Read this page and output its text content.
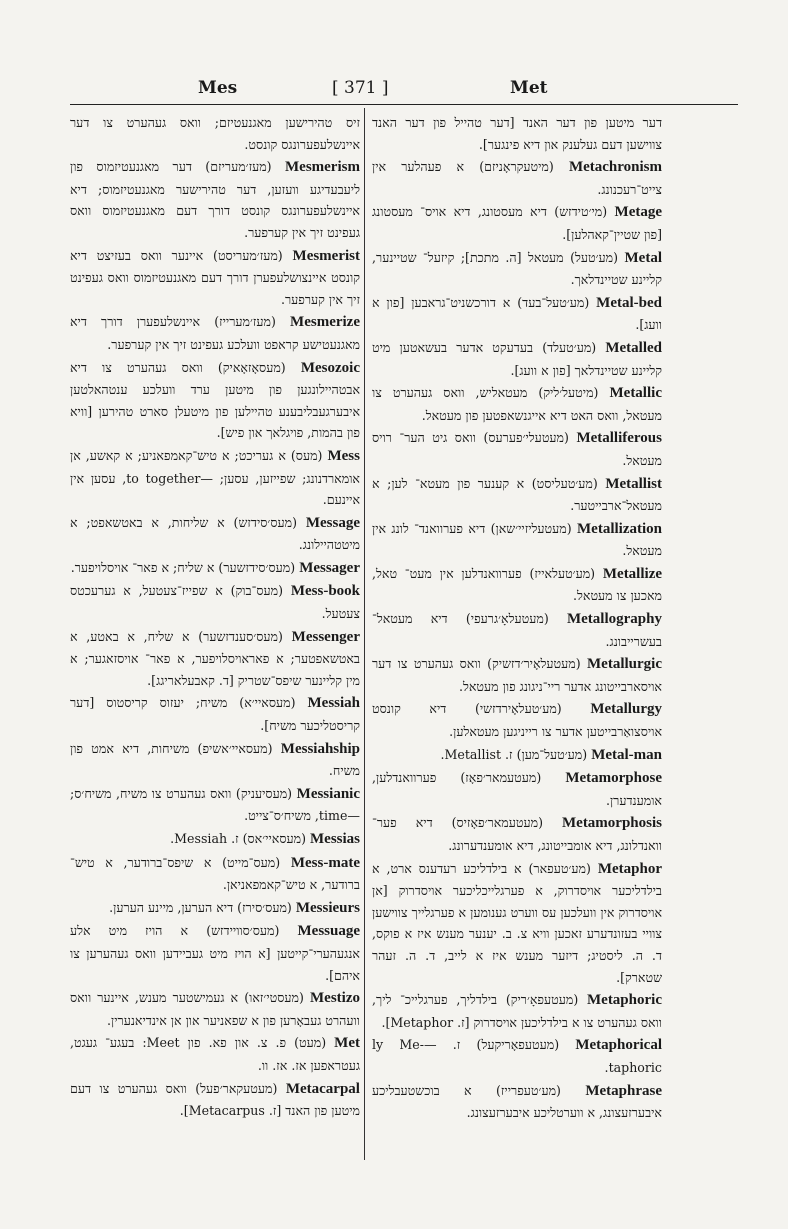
Mes	[ 371 ]	Met
זיס טהירישען מאגנעטיזם; וואס געהערט צו דער איינשלעפערונגס קונסט.
Mesmerism (מעז׳מעריזם) דער מאגנעטיזמוס פון ליעבעדיגע וועזען, דער טהירישער מאגנעטיזמוס; דיא איינשלעפערונגס קונסט דורך דעם מאגנעטיזמוס וואס געפינט זיך אין קערפער.
Mesmerist (מעז׳מעריסט) איינער וואס בעזיצט דיא קונסט איינצושלעפערן דורך דעם מאגנעטיזמוס וואס געפינט זיך אין קערפער.
Mesmerize (מעז׳מערייז) איינשלעפערן דורך דיא מאגנעטישע קראפט וועלכע געפינט זיך אין קערפער.
Mesozoic (מעסאָזאָאיק) וואס געהערט צו דיא אבטהיילונגען פון מיטען ערד וועלכע ענטהאלטען איבערגעבליבענע טהיילען פון מיטעלן סארט טהירען [וויא פון בהמות, פויגלאך און פיש].
Mess (מעס) א געריכט; א טיש־קאמפאניע; א קאשע, אן אומארדנונג; שפייזען, עסען; —to together, עסען אין איינעם.
Message (מעס׳סידזש) א שליחות, א באטשאפט; א מיטטהיילונג.
Messager (מעס׳סידזשער) א שליח; א פאר־ אויסלויפער.
Mess-book (מעס־בוק) א שפייז־צעטעל, א גערעכטס צעטעל.
Messenger (מעס׳סענדזשער) א שליח, א באטע, א באטשאפטער; א פאראויסלויפער, א פאר־ אויסזאגער; א מין קליינער שיפס־שטריק [ד. קאבעלאריגג].
Messiah (מעסאיי׳א) משיח; יעזוס קריסטוס [דער קריסטליכער משיח].
Messiahship (מעסאיי׳אשיפ) משיחות, דיא אמט פון משיח.
Messianic (מעסיעניק) וואס געהערט צו משיח, משיח׳ס; —time, משיח׳ס־צייט.
Messias (מעסאיי׳אס) ז. Messiah.
Mess-mate (מעס־מייט) א שיפס־ברודער, א טיש־ ברודער, א טיש־קאמפאניאן.
Messieurs (מעס׳סירז) דיא הערען, מיינע הערען.
Messuage (מעס׳סוויידזש) א הויז מיט אלע אנגעהערי־קייטען [א הויז מיט געביידען וואס געהערען צו איהם].
Mestizo (מעסטי׳זאו) א געמישטער מענש, איינער וואס וועהרט געבאָרען פון א שפאניער און אן אינדיאנערין.
Met (מעט) פ. צ. און פא. פון Meet: בעגע־ געגט, געטראפען אז. אז. וו.
Metacarpal (מעטעקאר׳פעל) וואס געהערט צו דעם מיטען פון האנד [ז. Metacarpus].
דער מיטען פון דער האנד [דער טהייל פון דער האנד צווישען דעם געלענק און דיא פינגער].
Metachronism (מיטעקראָניזם) א פעהלער אין צייט־רעכנונג.
Metage (מי׳טידזש) דיא מעסטונג, דיא אויס־ מעסטונג [פון שטיין־קאהלען].
Metal (מע׳טעל) מעטאל [ה. מתכת]; קיזעל־ שטיינער, קליינע שטיינדלאך.
Metal-bed (מע׳טעל־בעד) א דורכשניט־גראבען [פון א וועג].
Metalled (מע׳טעלד) בעדעקט אדער בעשאטען מיט קליינע שטיינדלאך [פון א וועג].
Metallic (מיטעל׳ליק) מעטאליש, וואס געהערט צו מעטאל, וואס האט דיא אייגנשאפטען פון מעטאל.
Metalliferous (מעטעלי׳פערעס) וואס גיט הער־ רויס מעטאל.
Metallist (מע׳טעליסט) א קענער פון מעטא־ לען; א מעטאל־ארבייטער.
Metallization (מעטעליזיי׳שאן) דיא פערוואנד־ לונג אין מעטאל.
Metallize (מע׳טעלאייז) פערוואנדלען אין מעט־ טאל, מאכען צו מעטאל.
Metallography (מעטעלאָ׳גרעפי) דיא מעטאל־ בעשרייבונג.
Metallurgic (מעטעלאָיר׳דזשיק) וואס געהערט צו דער אויסארבייטונג אדער ריי־ניגונג פון מעטאל.
Metallurgy (מע׳טעלאָירדזשי) דיא קונסט אויסצואַרבייטען אדער צו רייניגען מעטאלען.
Metal-man (מע׳טעל־מען) ז. Metallist.
Metamorphose (מעטעמאר׳פאָז) פערוואנדלען, אומענדערן.
Metamorphosis (מעטעמאר׳פאָזיס) דיא פער־ וואנדלונג, דיא אומבייטונג, דיא אומענדערונג.
Metaphor (מע׳טעפאר) א בילדליכע רעדענס ארט, א בילדליכער אויסדרוק, א פערגלייכליכער אויסדרוק [אן אויסדרוק אין וועלכען עס ווערט גענומען א פערגלייך צווישען צוויי בעזונדערע זאכען וויא צ. ב. יענער מענש איז א פוקס, ד. ה. ליסטיג; דיזער מענש איז א לייב, ד. ה. זעהר שטארק].
Metaphoric (מעטעפאָ׳ריק) בילדליך, פערגלייכ־ ליך, וואס געהערט צו א בילדליכען אויסדרוק [ז. Metaphor].
Metaphorical (מעטעפאָריקעל) ז. —ly Me- taphoric.
Metaphrase (מע׳טעפרייז) א בוכשטעבליכע איבערזעצונג, א ווערטליכע איבערזעצונג.
